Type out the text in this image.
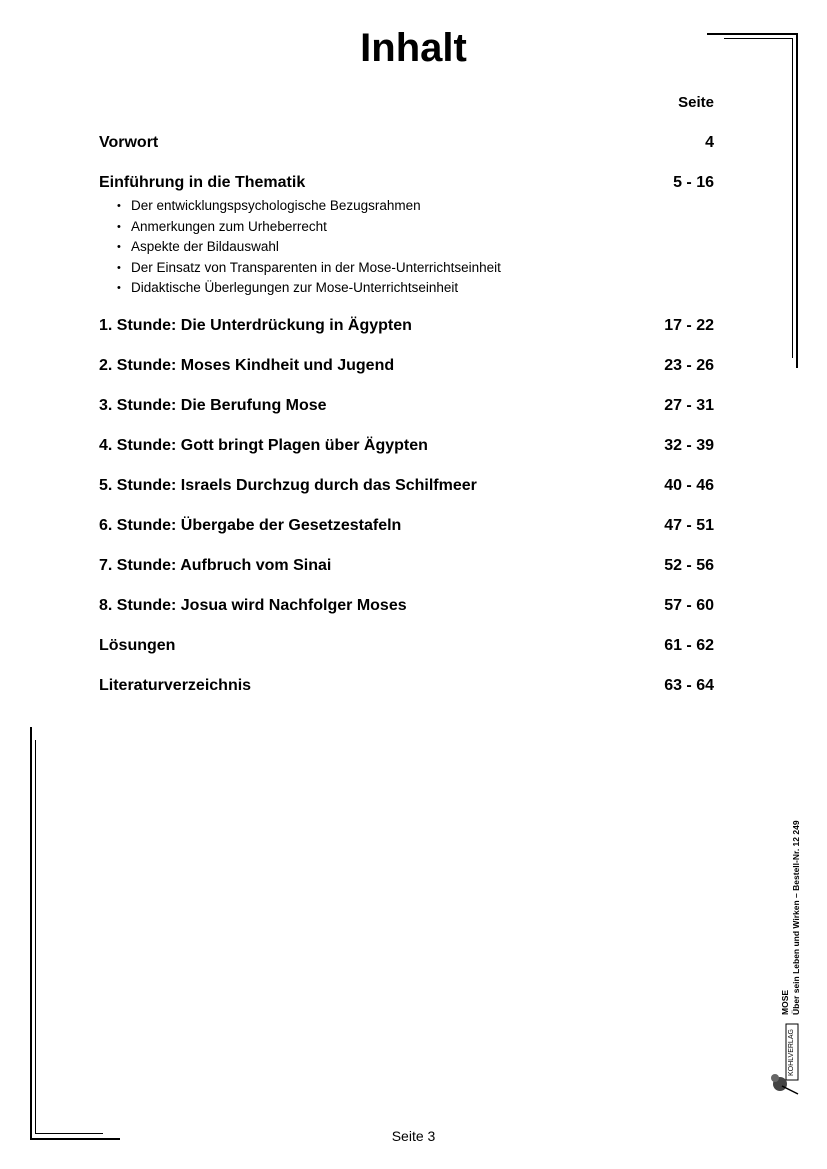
Inhalt
Seite
Vorwort	4
Einführung in die Thematik	5 - 16
• Der entwicklungspsychologische Bezugsrahmen
• Anmerkungen zum Urheberrecht
• Aspekte der Bildauswahl
• Der Einsatz von Transparenten in der Mose-Unterrichtseinheit
• Didaktische Überlegungen zur Mose-Unterrichtseinheit
1. Stunde: Die Unterdrückung in Ägypten	17 - 22
2. Stunde: Moses Kindheit und Jugend	23 - 26
3. Stunde: Die Berufung Mose	27 - 31
4. Stunde: Gott bringt Plagen über Ägypten	32 - 39
5. Stunde: Israels Durchzug durch das Schilfmeer	40 - 46
6. Stunde: Übergabe der Gesetzestafeln	47 - 51
7. Stunde: Aufbruch vom Sinai	52 - 56
8. Stunde: Josua wird Nachfolger Moses	57 - 60
Lösungen	61 - 62
Literaturverzeichnis	63 - 64
MOSE Über sein Leben und Wirken – Bestell-Nr. 12 249
KOHLVERLAG
Seite 3
